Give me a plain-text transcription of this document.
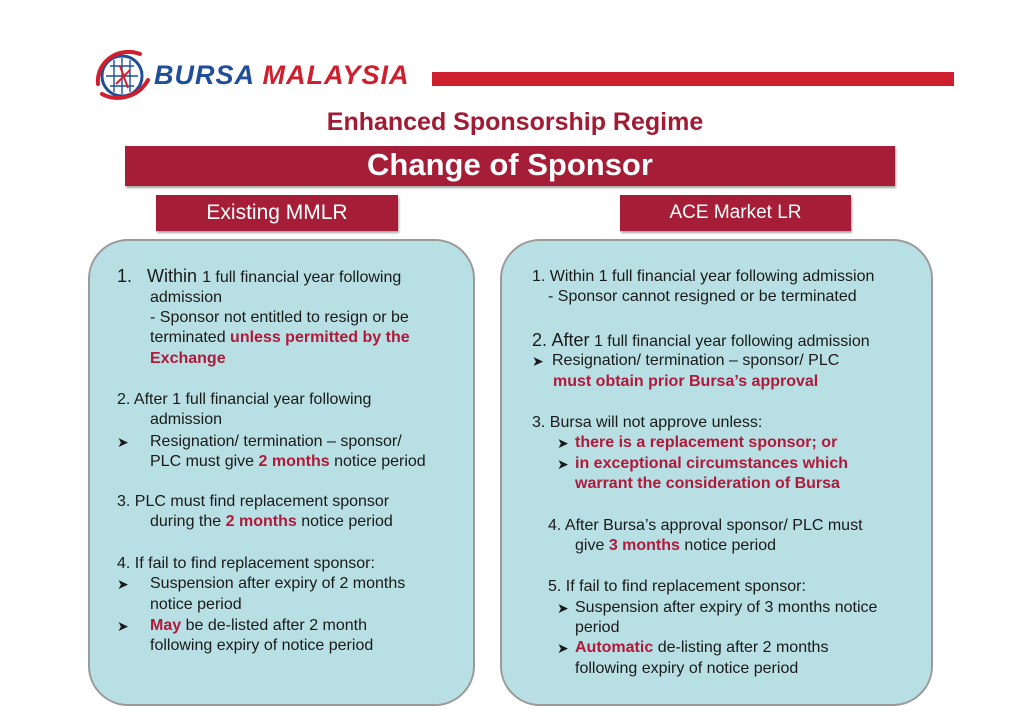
BURSA MALAYSIA
Enhanced Sponsorship Regime
Change of Sponsor
Existing MMLR	ACE Market LR
1. Within 1 full financial year following
admission
- Sponsor not entitled to resign or be
terminated unless permitted by the
Exchange
2. After 1 full financial year following
admission
➤ Resignation/ termination – sponsor/
PLC must give 2 months notice period
3. PLC must find replacement sponsor
during the 2 months notice period
4. If fail to find replacement sponsor:
➤ Suspension after expiry of 2 months
notice period
➤ May be de-listed after 2 month
following expiry of notice period
1. Within 1 full financial year following admission
- Sponsor cannot resigned or be terminated
2. After 1 full financial year following admission
➤ Resignation/ termination – sponsor/ PLC
must obtain prior Bursa’s approval
3. Bursa will not approve unless:
➤ there is a replacement sponsor; or
➤ in exceptional circumstances which
warrant the consideration of Bursa
4. After Bursa’s approval sponsor/ PLC must
give 3 months notice period
5. If fail to find replacement sponsor:
➤ Suspension after expiry of 3 months notice
period
➤ Automatic de-listing after 2 months
following expiry of notice period
